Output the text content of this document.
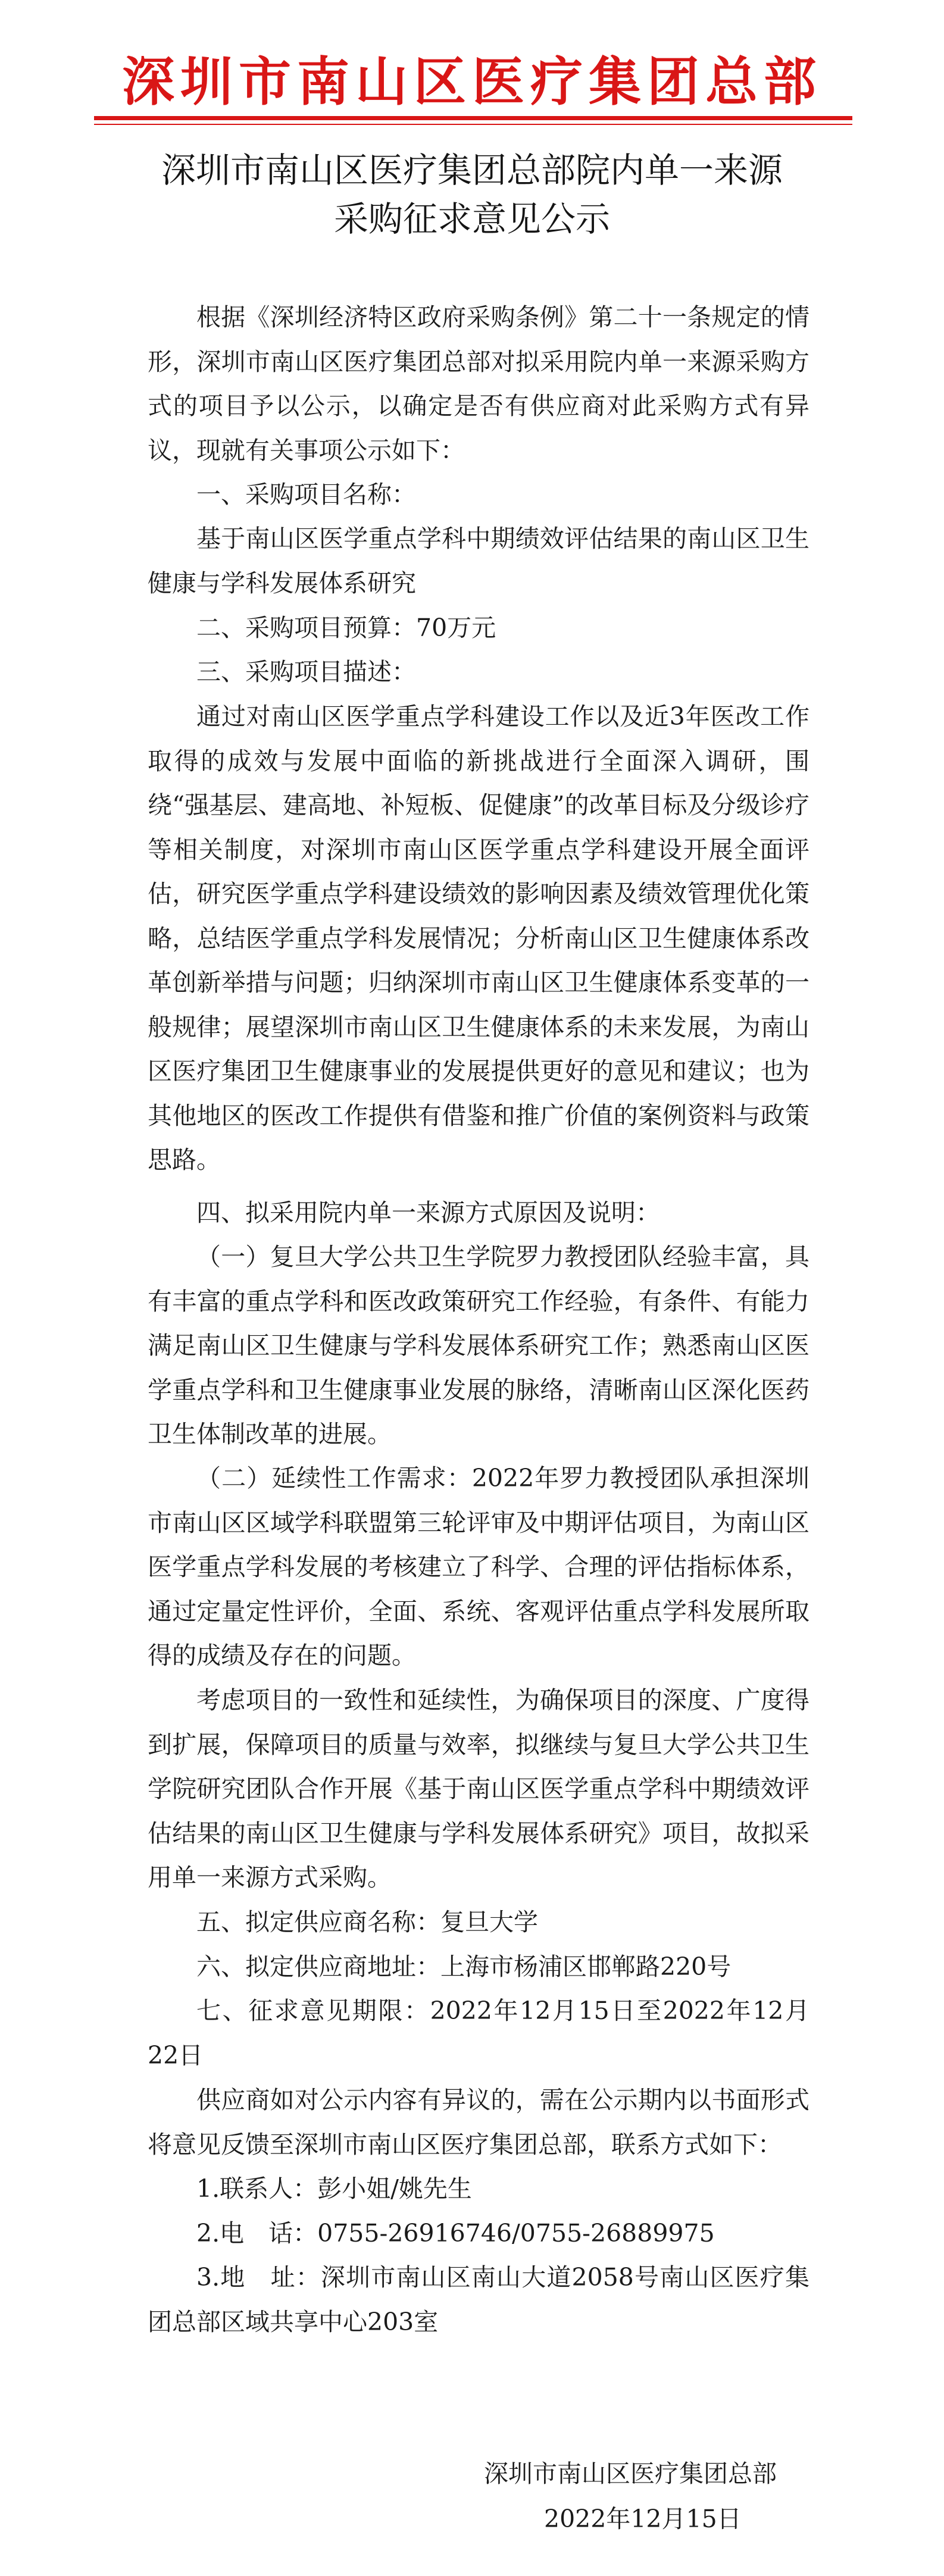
深圳市南山区医疗集团总部
深圳市南山区医疗集团总部院内单一来源
采购征求意见公示

根据《深圳经济特区政府采购条例》第二十一条规定的情形，深圳市南山区医疗集团总部对拟采用院内单一来源采购方式的项目予以公示，以确定是否有供应商对此采购方式有异议，现就有关事项公示如下：

一、采购项目名称：

基于南山区医学重点学科中期绩效评估结果的南山区卫生健康与学科发展体系研究

二、采购项目预算：70万元

三、采购项目描述：

通过对南山区医学重点学科建设工作以及近3年医改工作取得的成效与发展中面临的新挑战进行全面深入调研，围绕“强基层、建高地、补短板、促健康”的改革目标及分级诊疗等相关制度，对深圳市南山区医学重点学科建设开展全面评估，研究医学重点学科建设绩效的影响因素及绩效管理优化策略，总结医学重点学科发展情况；分析南山区卫生健康体系改革创新举措与问题；归纳深圳市南山区卫生健康体系变革的一般规律；展望深圳市南山区卫生健康体系的未来发展，为南山区医疗集团卫生健康事业的发展提供更好的意见和建议；也为其他地区的医改工作提供有借鉴和推广价值的案例资料与政策思路。

四、拟采用院内单一来源方式原因及说明：

（一）复旦大学公共卫生学院罗力教授团队经验丰富，具有丰富的重点学科和医改政策研究工作经验，有条件、有能力满足南山区卫生健康与学科发展体系研究工作；熟悉南山区医学重点学科和卫生健康事业发展的脉络，清晰南山区深化医药卫生体制改革的进展。

（二）延续性工作需求：2022年罗力教授团队承担深圳市南山区区域学科联盟第三轮评审及中期评估项目，为南山区医学重点学科发展的考核建立了科学、合理的评估指标体系，通过定量定性评价，全面、系统、客观评估重点学科发展所取得的成绩及存在的问题。

考虑项目的一致性和延续性，为确保项目的深度、广度得到扩展，保障项目的质量与效率，拟继续与复旦大学公共卫生学院研究团队合作开展《基于南山区医学重点学科中期绩效评估结果的南山区卫生健康与学科发展体系研究》项目，故拟采用单一来源方式采购。

五、拟定供应商名称：复旦大学

六、拟定供应商地址：上海市杨浦区邯郸路220号

七、征求意见期限：2022年12月15日至2022年12月22日

供应商如对公示内容有异议的，需在公示期内以书面形式将意见反馈至深圳市南山区医疗集团总部，联系方式如下：

1.联系人：彭小姐/姚先生

2.电　话：0755-26916746/0755-26889975

3.地　址：深圳市南山区南山大道2058号南山区医疗集团总部区域共享中心203室

深圳市南山区医疗集团总部
2022年12月15日
